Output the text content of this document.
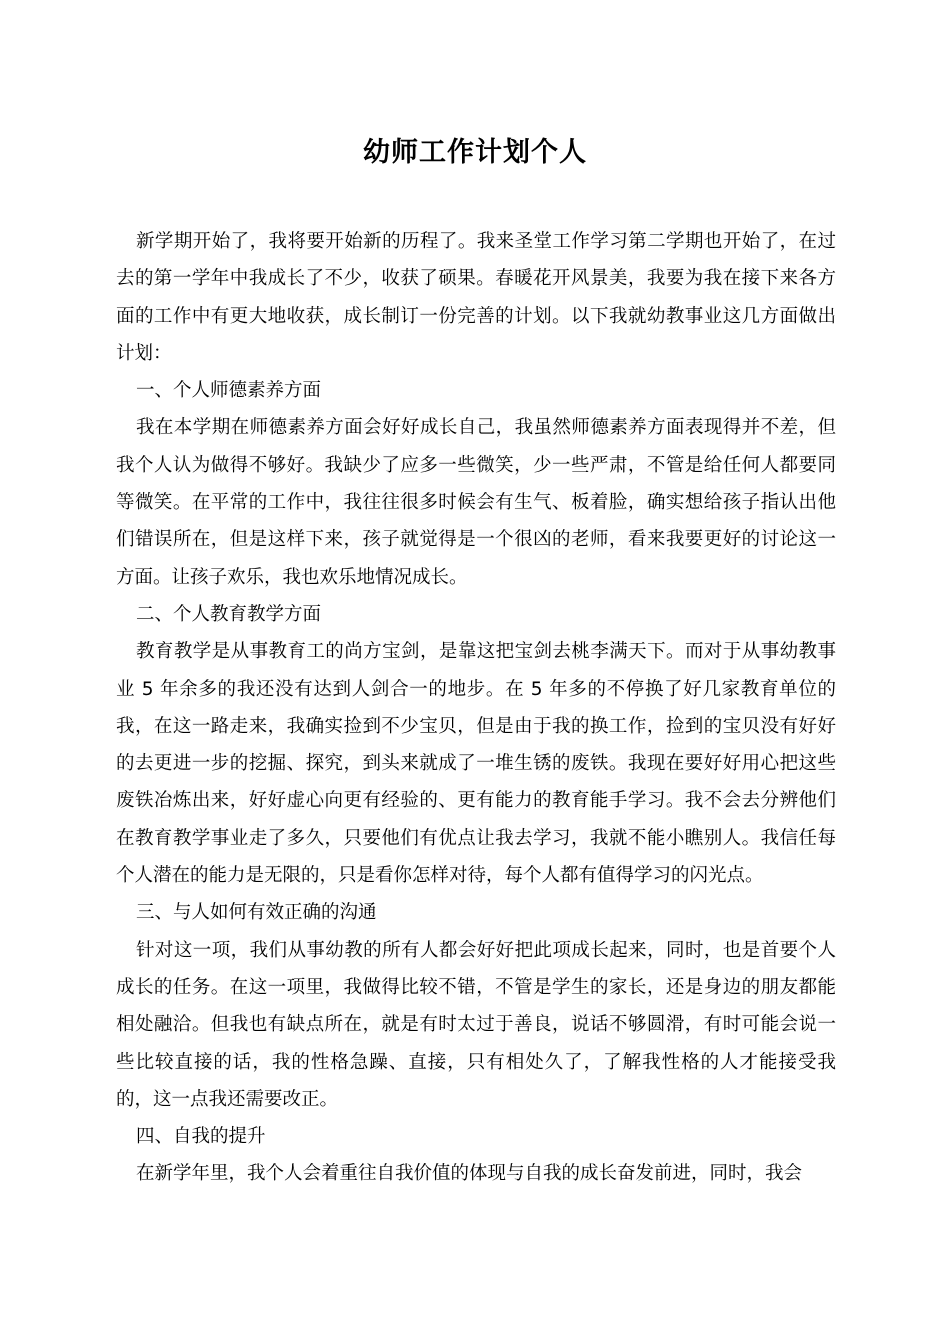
幼师工作计划个人

新学期开始了，我将要开始新的历程了。我来圣堂工作学习第二学期也开始了，在过去的第一学年中我成长了不少，收获了硕果。春暖花开风景美，我要为我在接下来各方面的工作中有更大地收获，成长制订一份完善的计划。以下我就幼教事业这几方面做出计划：

一、个人师德素养方面

我在本学期在师德素养方面会好好成长自己，我虽然师德素养方面表现得并不差，但我个人认为做得不够好。我缺少了应多一些微笑，少一些严肃，不管是给任何人都要同等微笑。在平常的工作中，我往往很多时候会有生气、板着脸，确实想给孩子指认出他们错误所在，但是这样下来，孩子就觉得是一个很凶的老师，看来我要更好的讨论这一方面。让孩子欢乐，我也欢乐地情况成长。

二、个人教育教学方面

教育教学是从事教育工的尚方宝剑，是靠这把宝剑去桃李满天下。而对于从事幼教事业 5 年余多的我还没有达到人剑合一的地步。在 5 年多的不停换了好几家教育单位的我，在这一路走来，我确实捡到不少宝贝，但是由于我的换工作，捡到的宝贝没有好好的去更进一步的挖掘、探究，到头来就成了一堆生锈的废铁。我现在要好好用心把这些废铁冶炼出来，好好虚心向更有经验的、更有能力的教育能手学习。我不会去分辨他们在教育教学事业走了多久，只要他们有优点让我去学习，我就不能小瞧别人。我信任每个人潜在的能力是无限的，只是看你怎样对待，每个人都有值得学习的闪光点。

三、与人如何有效正确的沟通

针对这一项，我们从事幼教的所有人都会好好把此项成长起来，同时，也是首要个人成长的任务。在这一项里，我做得比较不错，不管是学生的家长，还是身边的朋友都能相处融洽。但我也有缺点所在，就是有时太过于善良，说话不够圆滑，有时可能会说一些比较直接的话，我的性格急躁、直接，只有相处久了，了解我性格的人才能接受我的，这一点我还需要改正。

四、自我的提升

在新学年里，我个人会着重往自我价值的体现与自我的成长奋发前进，同时，我会
